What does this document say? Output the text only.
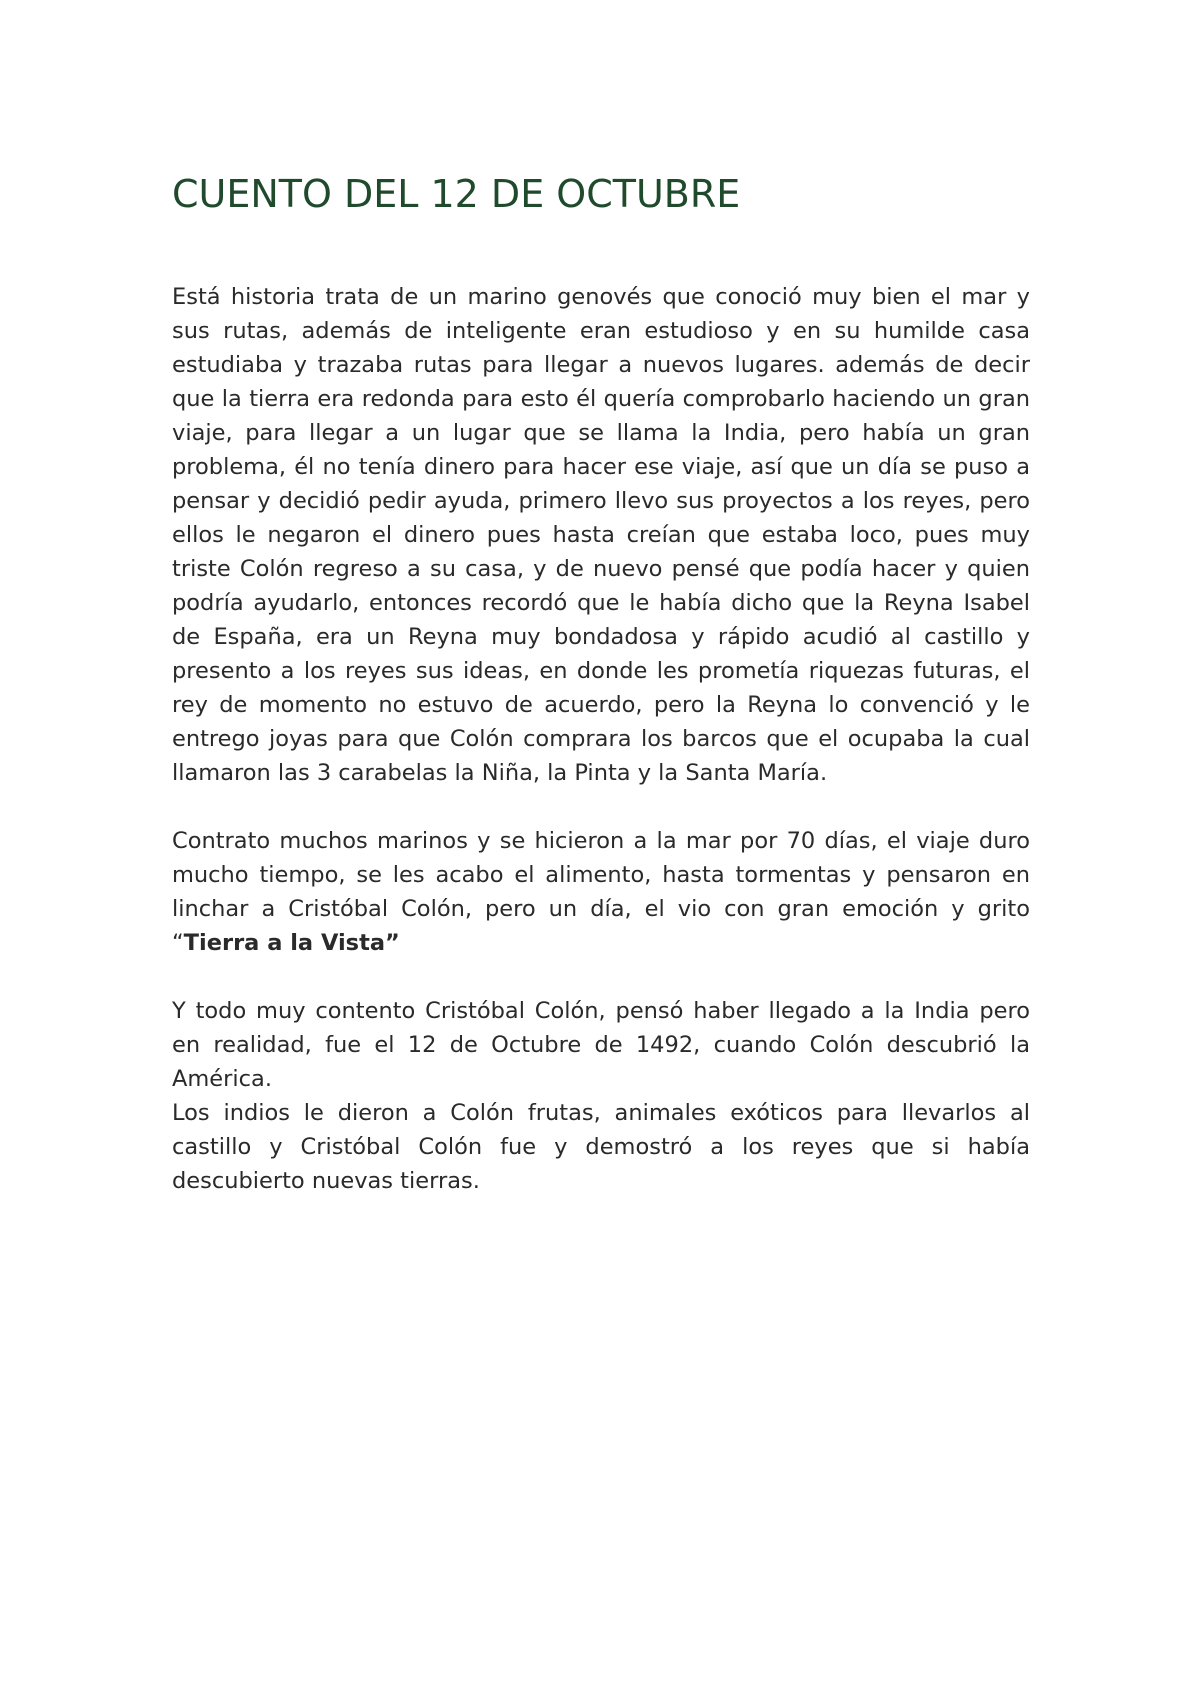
CUENTO DEL 12 DE OCTUBRE

Está historia trata de un marino genovés que conoció muy bien el mar y sus rutas, además de inteligente eran estudioso y en su humilde casa estudiaba y trazaba rutas para llegar a nuevos lugares. además de decir que la tierra era redonda para esto él quería comprobarlo haciendo un gran viaje, para llegar a un lugar que se llama la India, pero había un gran problema, él no tenía dinero para hacer ese viaje, así que un día se puso a pensar y decidió pedir ayuda, primero llevo sus proyectos a los reyes, pero ellos le negaron el dinero pues hasta creían que estaba loco, pues muy triste Colón regreso a su casa, y de nuevo pensé que podía hacer y quien podría ayudarlo, entonces recordó que le había dicho que la Reyna Isabel de España, era un Reyna muy bondadosa y rápido acudió al castillo y presento a los reyes sus ideas, en donde les prometía riquezas futuras, el rey de momento no estuvo de acuerdo, pero la Reyna lo convenció y le entrego joyas para que Colón comprara los barcos que el ocupaba la cual llamaron las 3 carabelas la Niña, la Pinta y la Santa María.

Contrato muchos marinos y se hicieron a la mar por 70 días, el viaje duro mucho tiempo, se les acabo el alimento, hasta tormentas y pensaron en linchar a Cristóbal Colón, pero un día, el vio con gran emoción y grito “Tierra a la Vista”

Y todo muy contento Cristóbal Colón, pensó haber llegado a la India pero en realidad, fue el 12 de Octubre de 1492, cuando Colón descubrió la América.

Los indios le dieron a Colón frutas, animales exóticos para llevarlos al castillo y Cristóbal Colón fue y demostró a los reyes que si había descubierto nuevas tierras.
